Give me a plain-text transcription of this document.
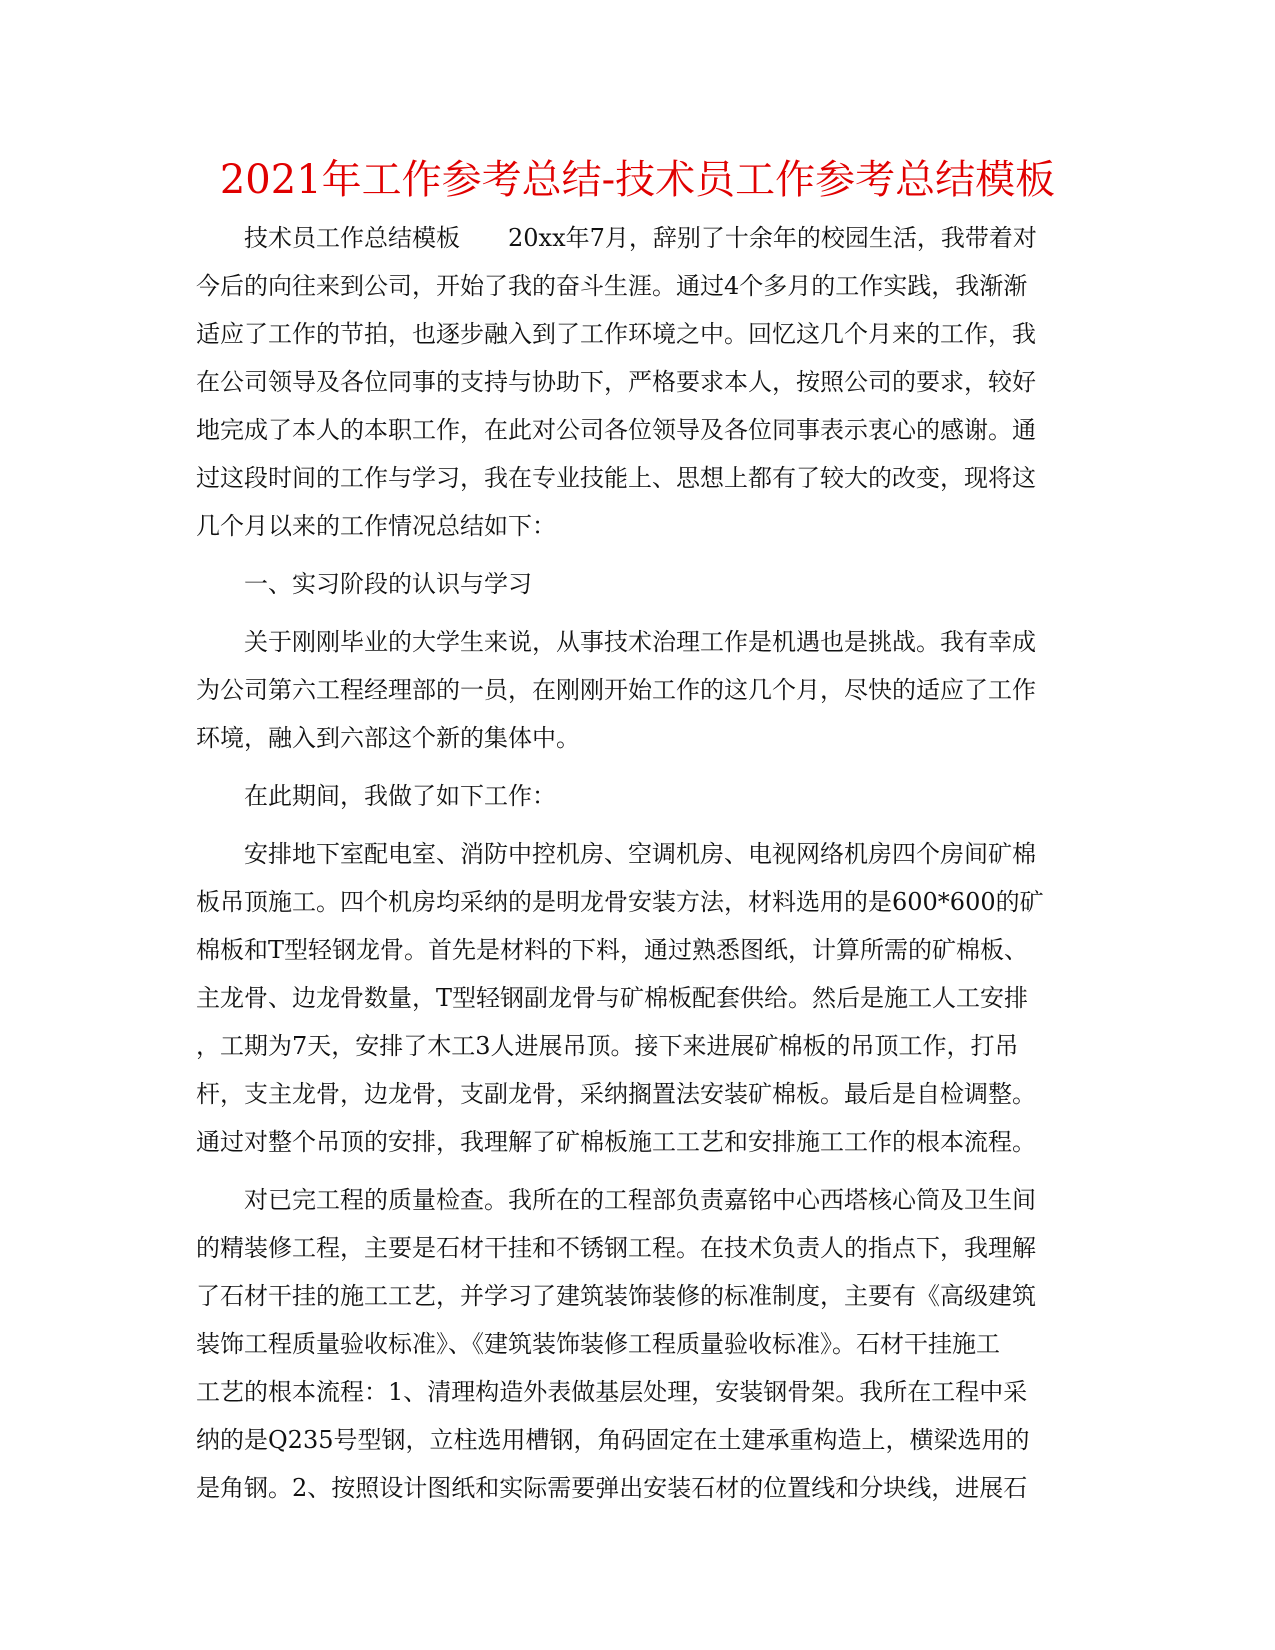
2021年工作参考总结-技术员工作参考总结模板
　　技术员工作总结模板　　20xx年7月，辞别了十余年的校园生活，我带着对
今后的向往来到公司，开始了我的奋斗生涯。通过4个多月的工作实践，我渐渐
适应了工作的节拍，也逐步融入到了工作环境之中。回忆这几个月来的工作，我
在公司领导及各位同事的支持与协助下，严格要求本人，按照公司的要求，较好
地完成了本人的本职工作，在此对公司各位领导及各位同事表示衷心的感谢。通
过这段时间的工作与学习，我在专业技能上、思想上都有了较大的改变，现将这
几个月以来的工作情况总结如下：
　　一、实习阶段的认识与学习
　　关于刚刚毕业的大学生来说，从事技术治理工作是机遇也是挑战。我有幸成
为公司第六工程经理部的一员，在刚刚开始工作的这几个月，尽快的适应了工作
环境，融入到六部这个新的集体中。
　　在此期间，我做了如下工作：
　　安排地下室配电室、消防中控机房、空调机房、电视网络机房四个房间矿棉
板吊顶施工。四个机房均采纳的是明龙骨安装方法，材料选用的是600*600的矿
棉板和T型轻钢龙骨。首先是材料的下料，通过熟悉图纸，计算所需的矿棉板、
主龙骨、边龙骨数量，T型轻钢副龙骨与矿棉板配套供给。然后是施工人工安排
，工期为7天，安排了木工3人进展吊顶。接下来进展矿棉板的吊顶工作，打吊
杆，支主龙骨，边龙骨，支副龙骨，采纳搁置法安装矿棉板。最后是自检调整。
通过对整个吊顶的安排，我理解了矿棉板施工工艺和安排施工工作的根本流程。
　　对已完工程的质量检查。我所在的工程部负责嘉铭中心西塔核心筒及卫生间
的精装修工程，主要是石材干挂和不锈钢工程。在技术负责人的指点下，我理解
了石材干挂的施工工艺，并学习了建筑装饰装修的标准制度，主要有《高级建筑
装饰工程质量验收标准》、《建筑装饰装修工程质量验收标准》。石材干挂施工
工艺的根本流程：1、清理构造外表做基层处理，安装钢骨架。我所在工程中采
纳的是Q235号型钢，立柱选用槽钢，角码固定在土建承重构造上，横梁选用的
是角钢。2、按照设计图纸和实际需要弹出安装石材的位置线和分块线，进展石
